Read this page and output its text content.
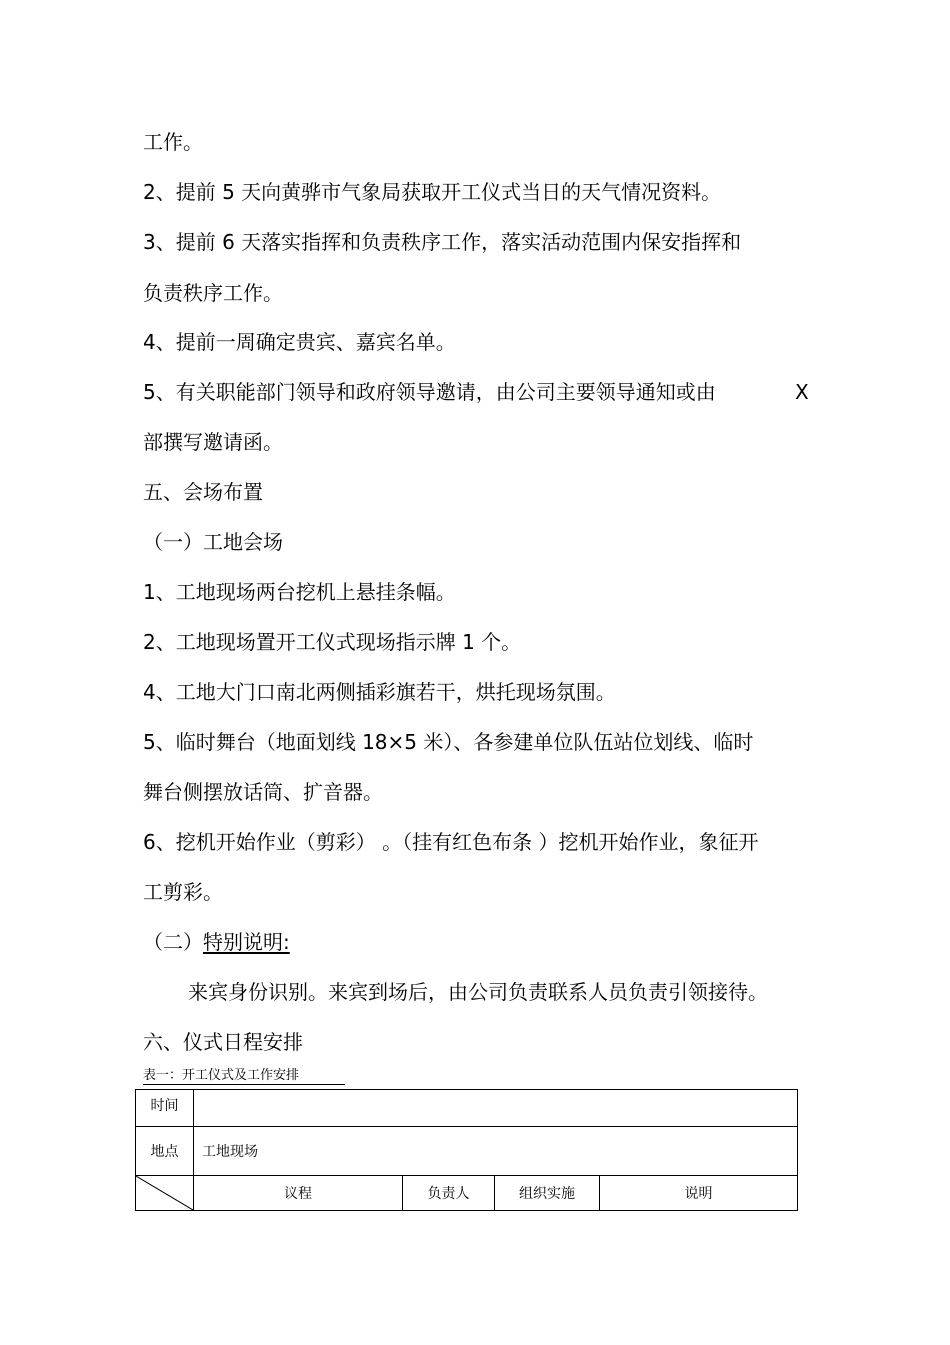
工作。
2、提前 5 天向黄骅市气象局获取开工仪式当日的天气情况资料。
3、提前 6 天落实指挥和负责秩序工作，落实活动范围内保安指挥和
负责秩序工作。
4、提前一周确定贵宾、嘉宾名单。
5、有关职能部门领导和政府领导邀请，由公司主要领导通知或由	X
部撰写邀请函。
五、会场布置
（一）工地会场
1、工地现场两台挖机上悬挂条幅。
2、工地现场置开工仪式现场指示牌 1 个。
4、工地大门口南北两侧插彩旗若干，烘托现场氛围。
5、临时舞台（地面划线 18×5 米）、各参建单位队伍站位划线、临时
舞台侧摆放话筒、扩音器。
6、挖机开始作业（剪彩） 。（挂有红色布条 ）挖机开始作业，象征开
工剪彩。
（二）特别说明:
来宾身份识别。来宾到场后，由公司负责联系人员负责引领接待。
六、仪式日程安排
表一：开工仪式及工作安排
时间				
地点	工地现场			

	议程	负责人	组织实施	说明
